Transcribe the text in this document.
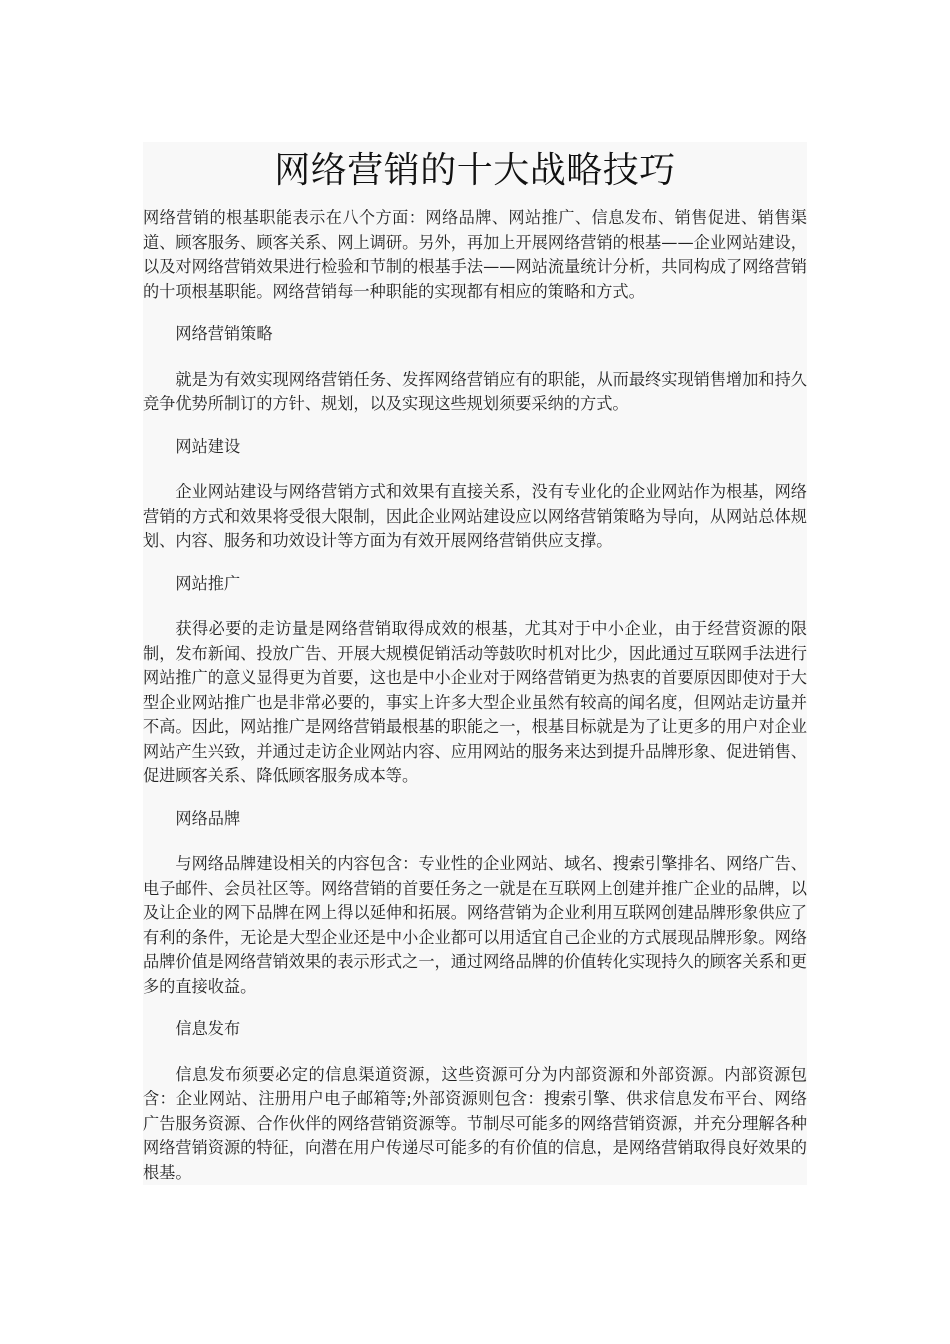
网络营销的十大战略技巧

网络营销的根基职能表示在八个方面：网络品牌、网站推广、信息发布、销售促进、销售渠道、顾客服务、顾客关系、网上调研。另外，再加上开展网络营销的根基——企业网站建设，以及对网络营销效果进行检验和节制的根基手法——网站流量统计分析，共同构成了网络营销的十项根基职能。网络营销每一种职能的实现都有相应的策略和方式。

网络营销策略

就是为有效实现网络营销任务、发挥网络营销应有的职能，从而最终实现销售增加和持久竞争优势所制订的方针、规划，以及实现这些规划须要采纳的方式。

网站建设

企业网站建设与网络营销方式和效果有直接关系，没有专业化的企业网站作为根基，网络营销的方式和效果将受很大限制，因此企业网站建设应以网络营销策略为导向，从网站总体规划、内容、服务和功效设计等方面为有效开展网络营销供应支撑。

网站推广

获得必要的走访量是网络营销取得成效的根基，尤其对于中小企业，由于经营资源的限制，发布新闻、投放广告、开展大规模促销活动等鼓吹时机对比少，因此通过互联网手法进行网站推广的意义显得更为首要，这也是中小企业对于网络营销更为热衷的首要原因即使对于大型企业网站推广也是非常必要的，事实上许多大型企业虽然有较高的闻名度，但网站走访量并不高。因此，网站推广是网络营销最根基的职能之一，根基目标就是为了让更多的用户对企业网站产生兴致，并通过走访企业网站内容、应用网站的服务来达到提升品牌形象、促进销售、促进顾客关系、降低顾客服务成本等。

网络品牌

与网络品牌建设相关的内容包含：专业性的企业网站、域名、搜索引擎排名、网络广告、电子邮件、会员社区等。网络营销的首要任务之一就是在互联网上创建并推广企业的品牌，以及让企业的网下品牌在网上得以延伸和拓展。网络营销为企业利用互联网创建品牌形象供应了有利的条件，无论是大型企业还是中小企业都可以用适宜自己企业的方式展现品牌形象。网络品牌价值是网络营销效果的表示形式之一，通过网络品牌的价值转化实现持久的顾客关系和更多的直接收益。

信息发布

信息发布须要必定的信息渠道资源，这些资源可分为内部资源和外部资源。内部资源包含：企业网站、注册用户电子邮箱等;外部资源则包含：搜索引擎、供求信息发布平台、网络广告服务资源、合作伙伴的网络营销资源等。节制尽可能多的网络营销资源，并充分理解各种网络营销资源的特征，向潜在用户传递尽可能多的有价值的信息，是网络营销取得良好效果的根基。
